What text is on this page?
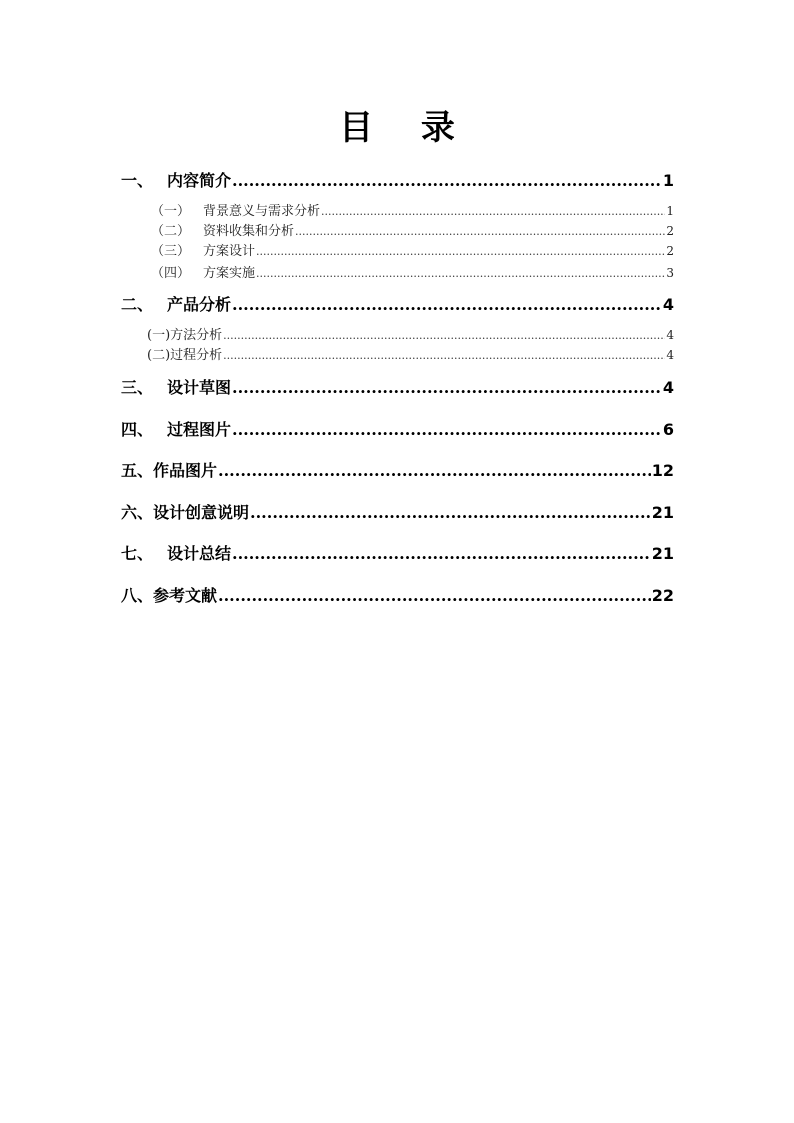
目 录
一、 内容简介 .....	1
（一） 背景意义与需求分析 .....	1
（二） 资料收集和分析 .....	2
（三） 方案设计 .....	2
（四） 方案实施 .....	3
二、 产品分析 .....	4
(一) 方法分析 .....	4
(二) 过程分析 .....	4
三、 设计草图 .....	4
四、 过程图片 .....	6
五、 作品图片 .....	12
六、 设计创意说明 .....	21
七、 设计总结 .....	21
八、 参考文献 .....	22
